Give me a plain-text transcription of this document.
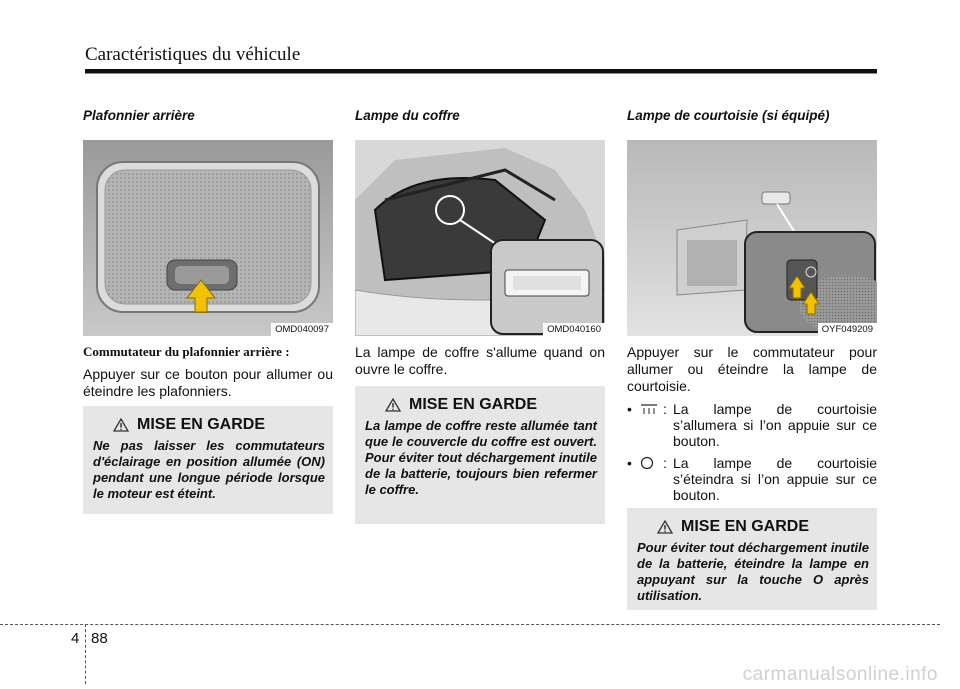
Caractéristiques du véhicule
Plafonnier arrière
OMD040097
Commutateur du plafonnier arrière :

Appuyer sur ce bouton pour allumer ou éteindre les plafonniers.

MISE EN GARDE
Ne pas laisser les commutateurs d'éclairage en position allumée (ON) pendant une longue période lorsque le moteur est éteint.
Lampe du coffre
OMD040160

La lampe de coffre s'allume quand on ouvre le coffre.

MISE EN GARDE
La lampe de coffre reste allumée tant que le couvercle du coffre est ouvert. Pour éviter tout déchargement inutile de la batterie, toujours bien refermer le coffre.
Lampe de courtoisie (si équipé)
OYF049209

Appuyer sur le commutateur pour allumer ou éteindre la lampe de courtoisie.

•	: La lampe de courtoisie s’allumera si l’on appuie sur ce bouton.
•	: La lampe de courtoisie s’éteindra si l’on appuie sur ce bouton.
MISE EN GARDE
Pour éviter tout déchargement inutile de la batterie, éteindre la lampe en appuyant sur la touche O après utilisation.
4 88
carmanualsonline.info
